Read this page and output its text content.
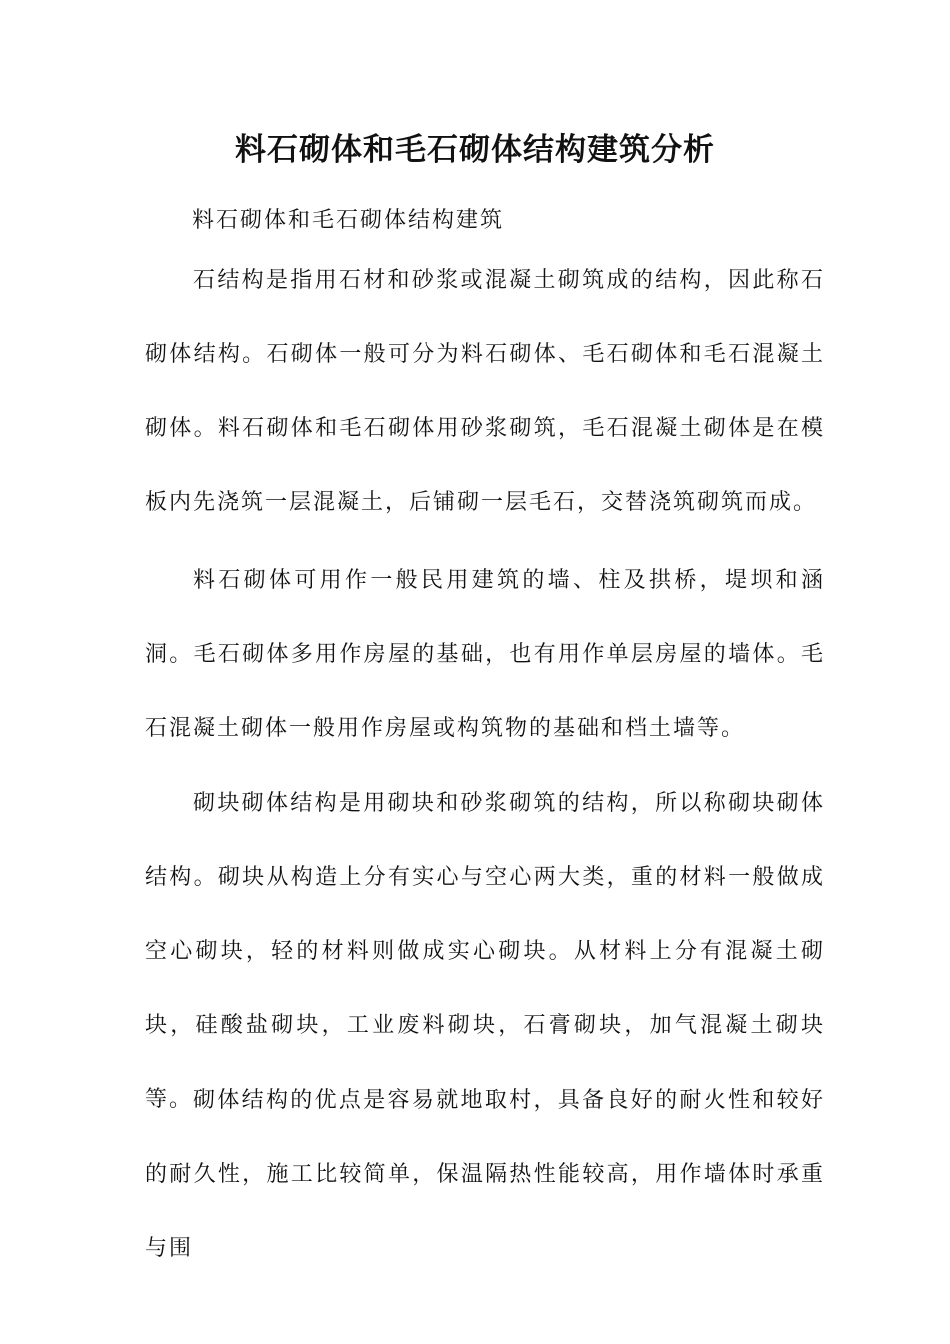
料石砌体和毛石砌体结构建筑分析

料石砌体和毛石砌体结构建筑

石结构是指用石材和砂浆或混凝土砌筑成的结构，因此称石砌体结构。石砌体一般可分为料石砌体、毛石砌体和毛石混凝土砌体。料石砌体和毛石砌体用砂浆砌筑，毛石混凝土砌体是在模板内先浇筑一层混凝土，后铺砌一层毛石，交替浇筑砌筑而成。

料石砌体可用作一般民用建筑的墙、柱及拱桥，堤坝和涵洞。毛石砌体多用作房屋的基础，也有用作单层房屋的墙体。毛石混凝土砌体一般用作房屋或构筑物的基础和档土墙等。

砌块砌体结构是用砌块和砂浆砌筑的结构，所以称砌块砌体结构。砌块从构造上分有实心与空心两大类，重的材料一般做成空心砌块，轻的材料则做成实心砌块。从材料上分有混凝土砌块，硅酸盐砌块，工业废料砌块，石膏砌块，加气混凝土砌块等。 砌体结构的优点是容易就地取村，具备良好的耐火性和较好的耐久性，施工比较简单，保温隔热性能较高，用作墙体时承重与围
